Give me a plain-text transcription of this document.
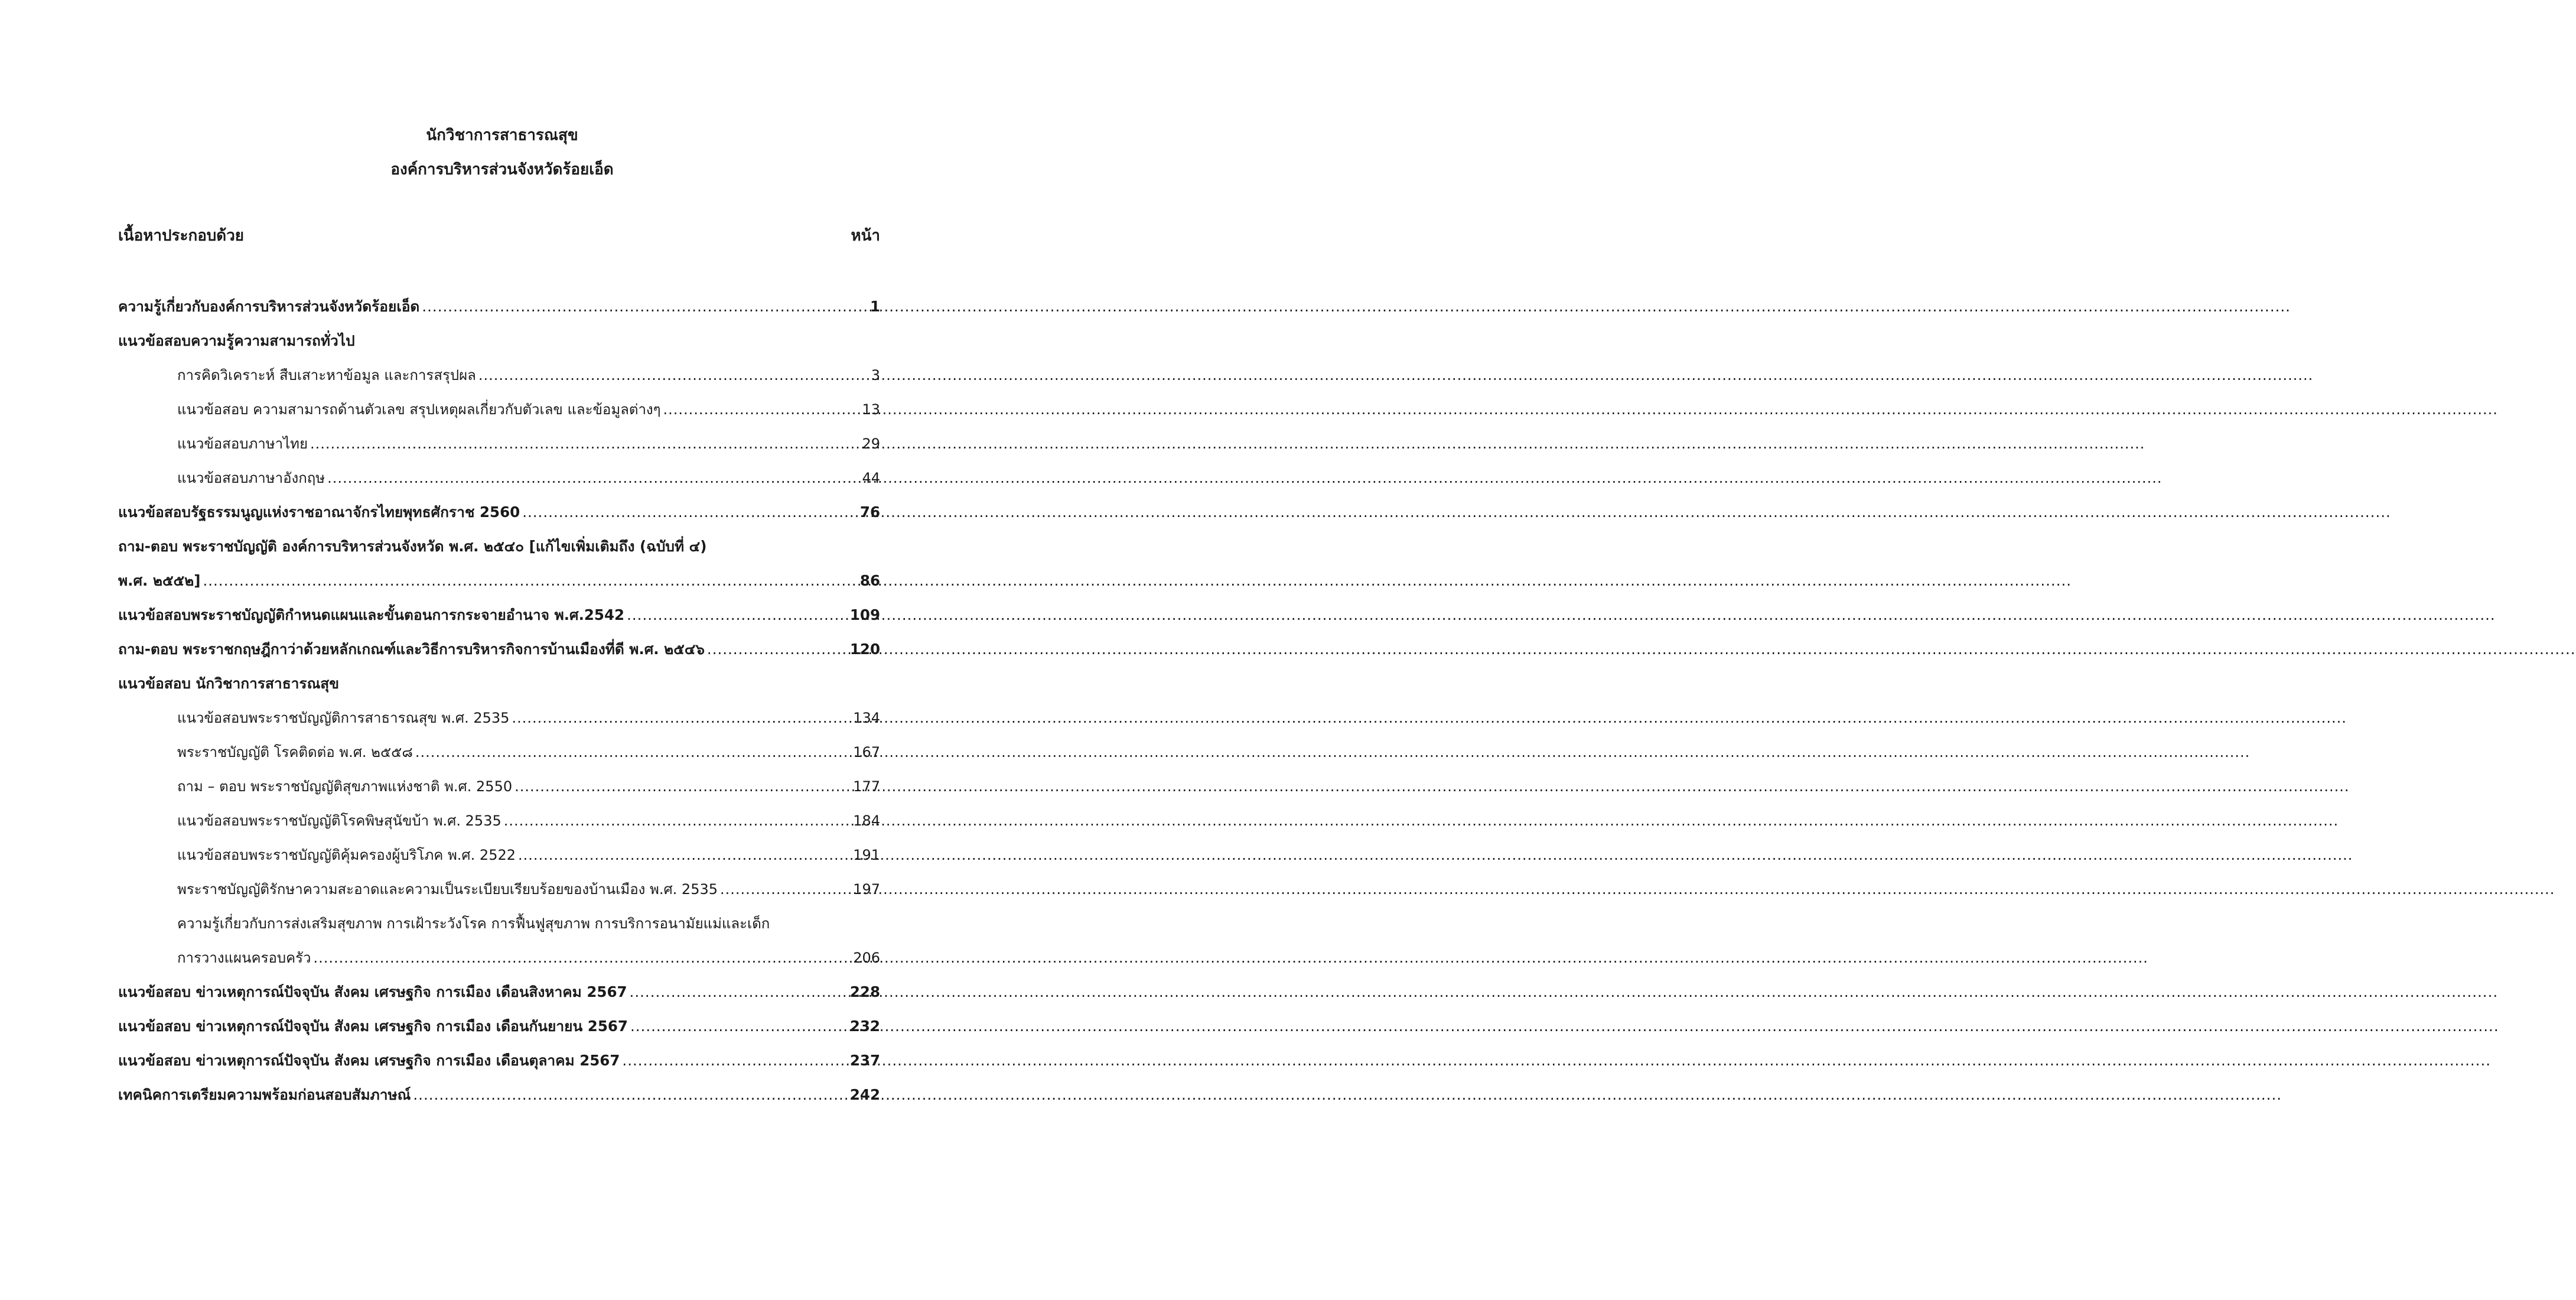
นักวิชาการสาธารณสุข
องค์การบริหารส่วนจังหวัดร้อยเอ็ด
เนื้อหาประกอบด้วย	หน้า
ความรู้เกี่ยวกับองค์การบริหารส่วนจังหวัดร้อยเอ็ด .....	1
แนวข้อสอบความรู้ความสามารถทั่วไป
การคิดวิเคราะห์ สืบเสาะหาข้อมูล และการสรุปผล .....	3
แนวข้อสอบ ความสามารถด้านตัวเลข สรุปเหตุผลเกี่ยวกับตัวเลข และข้อมูลต่างๆ .....	13
แนวข้อสอบภาษาไทย .....	29
แนวข้อสอบภาษาอังกฤษ .....	44
แนวข้อสอบรัฐธรรมนูญแห่งราชอาณาจักรไทยพุทธศักราช 2560 .....	76
ถาม-ตอบ พระราชบัญญัติ องค์การบริหารส่วนจังหวัด พ.ศ. ๒๕๔๐ [แก้ไขเพิ่มเติมถึง (ฉบับที่ ๔)
พ.ศ. ๒๕๕๒] .....	86
แนวข้อสอบพระราชบัญญัติกำหนดแผนและขั้นตอนการกระจายอำนาจ พ.ศ.2542 .....	109
ถาม-ตอบ พระราชกฤษฎีกาว่าด้วยหลักเกณฑ์และวิธีการบริหารกิจการบ้านเมืองที่ดี พ.ศ. ๒๕๔๖ .....	120
แนวข้อสอบ นักวิชาการสาธารณสุข
แนวข้อสอบพระราชบัญญัติการสาธารณสุข พ.ศ. 2535 .....	134
พระราชบัญญัติ โรคติดต่อ พ.ศ. ๒๕๕๘ .....	167
ถาม – ตอบ พระราชบัญญัติสุขภาพแห่งชาติ พ.ศ. 2550 .....	177
แนวข้อสอบพระราชบัญญัติโรคพิษสุนัขบ้า พ.ศ. 2535 .....	184
แนวข้อสอบพระราชบัญญัติคุ้มครองผู้บริโภค พ.ศ. 2522 .....	191
พระราชบัญญัติรักษาความสะอาดและความเป็นระเบียบเรียบร้อยของบ้านเมือง พ.ศ. 2535 .....	197
ความรู้เกี่ยวกับการส่งเสริมสุขภาพ การเฝ้าระวังโรค การฟื้นฟูสุขภาพ การบริการอนามัยแม่และเด็ก
การวางแผนครอบครัว .....	206
แนวข้อสอบ ข่าวเหตุการณ์ปัจจุบัน สังคม เศรษฐกิจ การเมือง เดือนสิงหาคม 2567 .....	228
แนวข้อสอบ ข่าวเหตุการณ์ปัจจุบัน สังคม เศรษฐกิจ การเมือง เดือนกันยายน 2567 .....	232
แนวข้อสอบ ข่าวเหตุการณ์ปัจจุบัน สังคม เศรษฐกิจ การเมือง เดือนตุลาคม 2567 .....	237
เทคนิคการเตรียมความพร้อมก่อนสอบสัมภาษณ์ .....	242
